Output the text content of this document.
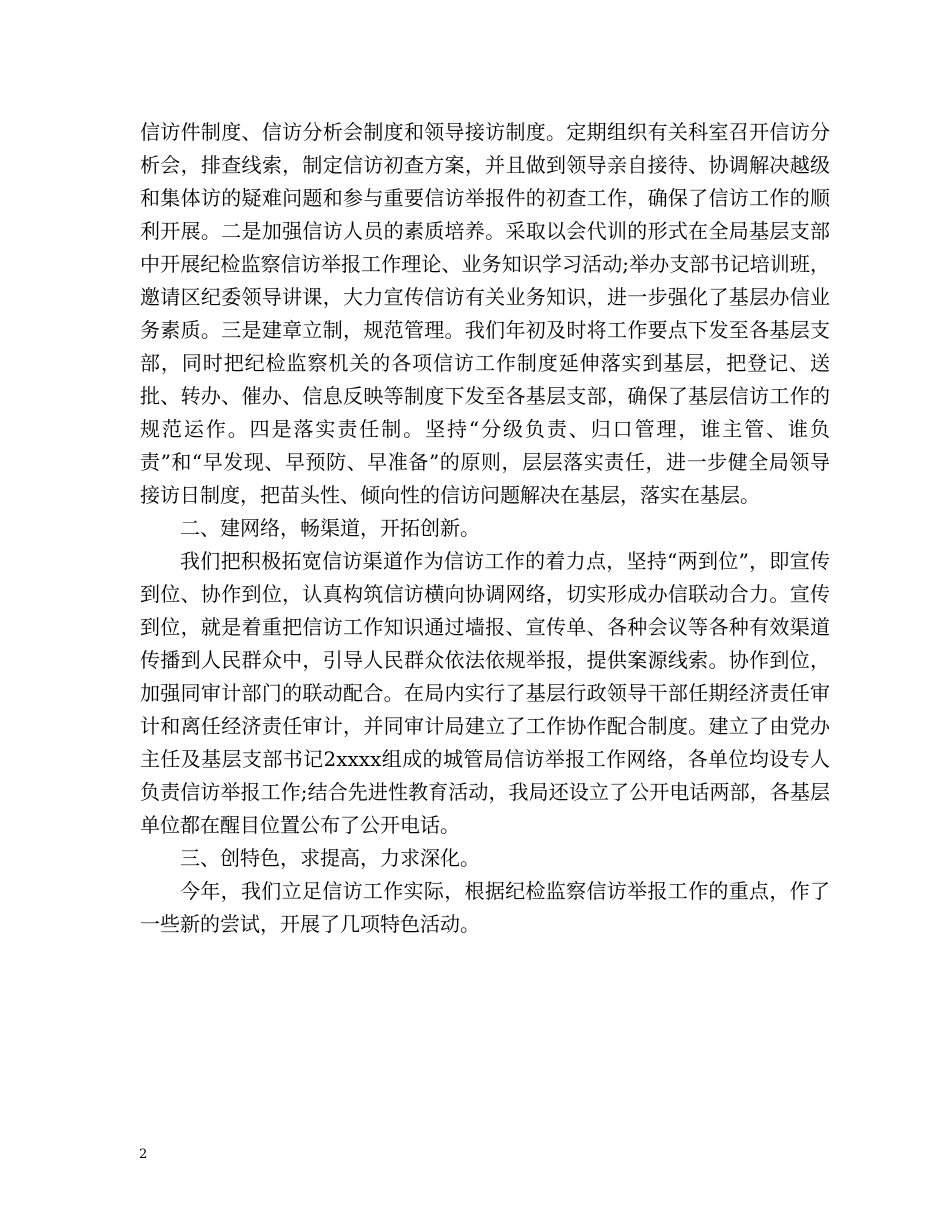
信访件制度、信访分析会制度和领导接访制度。定期组织有关科室召开信访分析会，排查线索，制定信访初查方案，并且做到领导亲自接待、协调解决越级和集体访的疑难问题和参与重要信访举报件的初查工作，确保了信访工作的顺利开展。二是加强信访人员的素质培养。采取以会代训的形式在全局基层支部中开展纪检监察信访举报工作理论、业务知识学习活动;举办支部书记培训班，邀请区纪委领导讲课，大力宣传信访有关业务知识，进一步强化了基层办信业务素质。三是建章立制，规范管理。我们年初及时将工作要点下发至各基层支部，同时把纪检监察机关的各项信访工作制度延伸落实到基层，把登记、送批、转办、催办、信息反映等制度下发至各基层支部，确保了基层信访工作的规范运作。四是落实责任制。坚持“分级负责、归口管理，谁主管、谁负责”和“早发现、早预防、早准备”的原则，层层落实责任，进一步健全局领导接访日制度，把苗头性、倾向性的信访问题解决在基层，落实在基层。

二、建网络，畅渠道，开拓创新。

我们把积极拓宽信访渠道作为信访工作的着力点，坚持“两到位”，即宣传到位、协作到位，认真构筑信访横向协调网络，切实形成办信联动合力。宣传到位，就是着重把信访工作知识通过墙报、宣传单、各种会议等各种有效渠道传播到人民群众中，引导人民群众依法依规举报，提供案源线索。协作到位，加强同审计部门的联动配合。在局内实行了基层行政领导干部任期经济责任审计和离任经济责任审计，并同审计局建立了工作协作配合制度。建立了由党办主任及基层支部书记2xxxx组成的城管局信访举报工作网络，各单位均设专人负责信访举报工作;结合先进性教育活动，我局还设立了公开电话两部，各基层单位都在醒目位置公布了公开电话。

三、创特色，求提高，力求深化。

今年，我们立足信访工作实际，根据纪检监察信访举报工作的重点，作了一些新的尝试，开展了几项特色活动。

2
